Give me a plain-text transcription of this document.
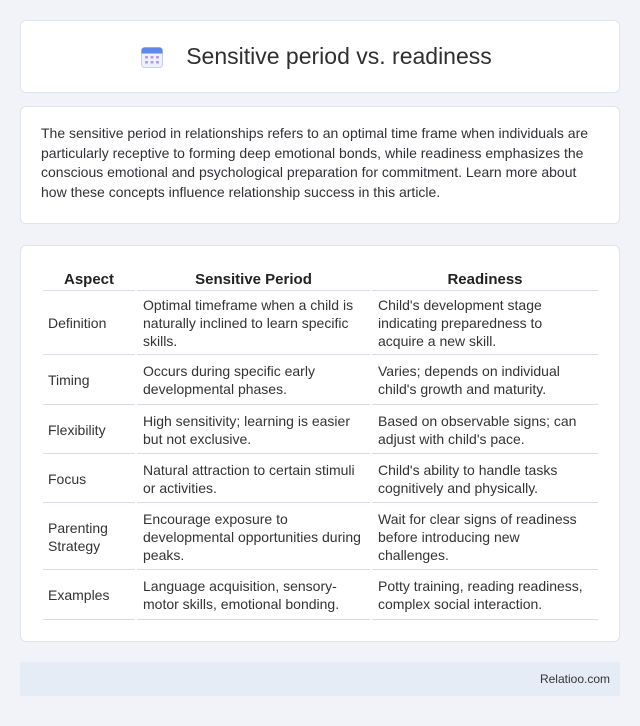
Sensitive period vs. readiness

The sensitive period in relationships refers to an optimal time frame when individuals are particularly receptive to forming deep emotional bonds, while readiness emphasizes the conscious emotional and psychological preparation for commitment. Learn more about how these concepts influence relationship success in this article.

Aspect	Sensitive Period	Readiness
Definition	Optimal timeframe when a child is naturally inclined to learn specific skills.	Child's development stage indicating preparedness to acquire a new skill.
Timing	Occurs during specific early developmental phases.	Varies; depends on individual child's growth and maturity.
Flexibility	High sensitivity; learning is easier but not exclusive.	Based on observable signs; can adjust with child's pace.
Focus	Natural attraction to certain stimuli or activities.	Child's ability to handle tasks cognitively and physically.
Parenting Strategy	Encourage exposure to developmental opportunities during peaks.	Wait for clear signs of readiness before introducing new challenges.
Examples	Language acquisition, sensory-motor skills, emotional bonding.	Potty training, reading readiness, complex social interaction.
Relatioo.com
